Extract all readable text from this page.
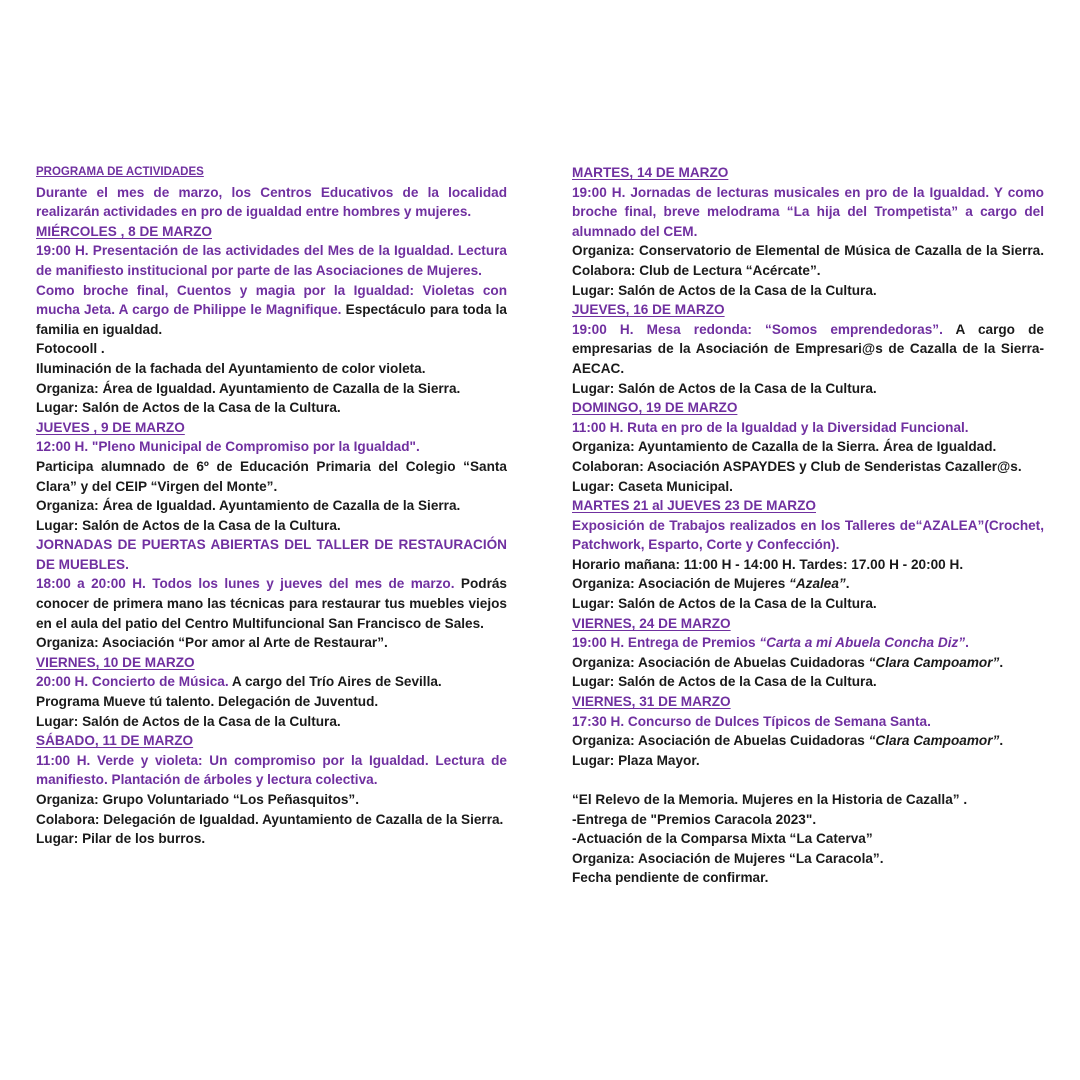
PROGRAMA DE ACTIVIDADES

Durante el mes de marzo, los Centros Educativos de la localidad realizarán actividades en pro de igualdad entre hombres y mujeres.

MIÉRCOLES , 8 DE MARZO

19:00 H. Presentación de las actividades del Mes de la Igualdad. Lectura de manifiesto institucional por parte de las Asociaciones de Mujeres.

Como broche final, Cuentos y magia por la Igualdad: Violetas con mucha Jeta. A cargo de Philippe le Magnifique. Espectáculo para toda la familia en igualdad.

Fotocooll .

Iluminación de la fachada del Ayuntamiento de color violeta.

Organiza: Área de Igualdad. Ayuntamiento de Cazalla de la Sierra.

Lugar: Salón de Actos de la Casa de la Cultura.

JUEVES , 9 DE MARZO

12:00 H. "Pleno Municipal de Compromiso por la Igualdad".

Participa alumnado de 6º de Educación Primaria del Colegio “Santa Clara” y del CEIP “Virgen del Monte”.

Organiza: Área de Igualdad. Ayuntamiento de Cazalla de la Sierra.

Lugar: Salón de Actos de la Casa de la Cultura.

JORNADAS DE PUERTAS ABIERTAS DEL TALLER DE RESTAURACIÓN DE MUEBLES.

18:00 a 20:00 H. Todos los lunes y jueves del mes de marzo. Podrás conocer de primera mano las técnicas para restaurar tus muebles viejos en el aula del patio del Centro Multifuncional San Francisco de Sales.

Organiza: Asociación “Por amor al Arte de Restaurar”.

VIERNES, 10 DE MARZO

20:00 H. Concierto de Música. A cargo del Trío Aires de Sevilla.

Programa Mueve tú talento. Delegación de Juventud.

Lugar: Salón de Actos de la Casa de la Cultura.

SÁBADO, 11 DE MARZO

11:00 H. Verde y violeta: Un compromiso por la Igualdad. Lectura de manifiesto. Plantación de árboles y lectura colectiva.

Organiza: Grupo Voluntariado “Los Peñasquitos”.

Colabora: Delegación de Igualdad. Ayuntamiento de Cazalla de la Sierra.

Lugar: Pilar de los burros.

MARTES, 14 DE MARZO

19:00 H. Jornadas de lecturas musicales en pro de la Igualdad. Y como broche final, breve melodrama “La hija del Trompetista” a cargo del alumnado del CEM.

Organiza: Conservatorio de Elemental de Música de Cazalla de la Sierra. Colabora: Club de Lectura “Acércate”.

Lugar: Salón de Actos de la Casa de la Cultura.

JUEVES, 16 DE MARZO

19:00 H. Mesa redonda: “Somos emprendedoras”. A cargo de empresarias de la Asociación de Empresari@s de Cazalla de la Sierra-AECAC.

Lugar: Salón de Actos de la Casa de la Cultura.

DOMINGO, 19 DE MARZO

11:00 H. Ruta en pro de la Igualdad y la Diversidad Funcional.

Organiza: Ayuntamiento de Cazalla de la Sierra. Área de Igualdad.

Colaboran: Asociación ASPAYDES y Club de Senderistas Cazaller@s.

Lugar: Caseta Municipal.

MARTES 21 al JUEVES 23 DE MARZO

Exposición de Trabajos realizados en los Talleres de“AZALEA”(Crochet, Patchwork, Esparto, Corte y Confección).

Horario mañana: 11:00 H - 14:00 H. Tardes: 17.00 H - 20:00 H.

Organiza: Asociación de Mujeres “Azalea”.

Lugar: Salón de Actos de la Casa de la Cultura.

VIERNES, 24 DE MARZO

19:00 H. Entrega de Premios “Carta a mi Abuela Concha Diz”.

Organiza: Asociación de Abuelas Cuidadoras “Clara Campoamor”.

Lugar: Salón de Actos de la Casa de la Cultura.

VIERNES, 31 DE MARZO

17:30 H. Concurso de Dulces Típicos de Semana Santa.

Organiza: Asociación de Abuelas Cuidadoras “Clara Campoamor”.

Lugar: Plaza Mayor.

“El Relevo de la Memoria. Mujeres en la Historia de Cazalla” .

-Entrega de "Premios Caracola 2023".

-Actuación de la Comparsa Mixta “La Caterva”

Organiza: Asociación de Mujeres “La Caracola”.

Fecha pendiente de confirmar.
